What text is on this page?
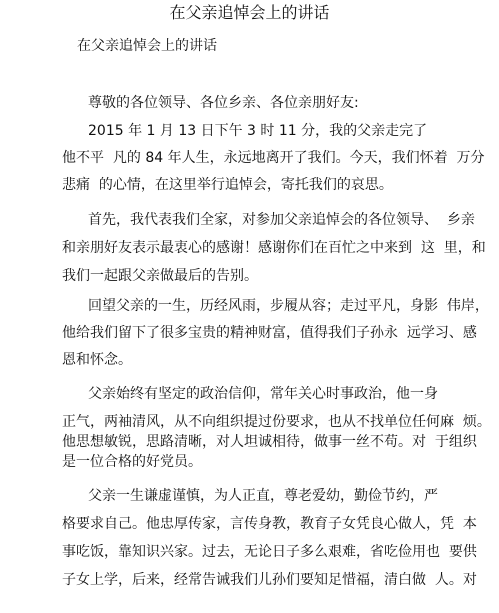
在父亲追悼会上的讲话
在父亲追悼会上的讲话
尊敬的各位领导、各位乡亲、各位亲朋好友:
2015 年 1 月 13 日下午 3 时 11 分，我的父亲走完了
他不平  凡的 84 年人生，永远地离开了我们。今天，我们怀着  万分
悲痛  的心情，在这里举行追悼会，寄托我们的哀思。
首先，我代表我们全家，对参加父亲追悼会的各位领导、  乡亲
和亲朋好友表示最衷心的感谢！感谢你们在百忙之中来到  这  里，和
我们一起跟父亲做最后的告别。
回望父亲的一生，历经风雨，步履从容；走过平凡，身影  伟岸，
他给我们留下了很多宝贵的精神财富，值得我们子孙永  远学习、感
恩和怀念。
父亲始终有坚定的政治信仰，常年关心时事政治，他一身
正气，两袖清风，从不向组织提过份要求，也从不找单位任何麻  烦。
他思想敏锐，思路清晰，对人坦诚相待，做事一丝不苟。对  于组织
是一位合格的好党员。
父亲一生谦虚谨慎，为人正直，尊老爱幼，勤俭节约，严
格要求自己。他忠厚传家，言传身教，教育子女凭良心做人，凭  本
事吃饭，靠知识兴家。过去，无论日子多么艰难，省吃俭用也  要供
子女上学，后来，经常告诫我们儿孙们要知足惜福，清白做  人。对
